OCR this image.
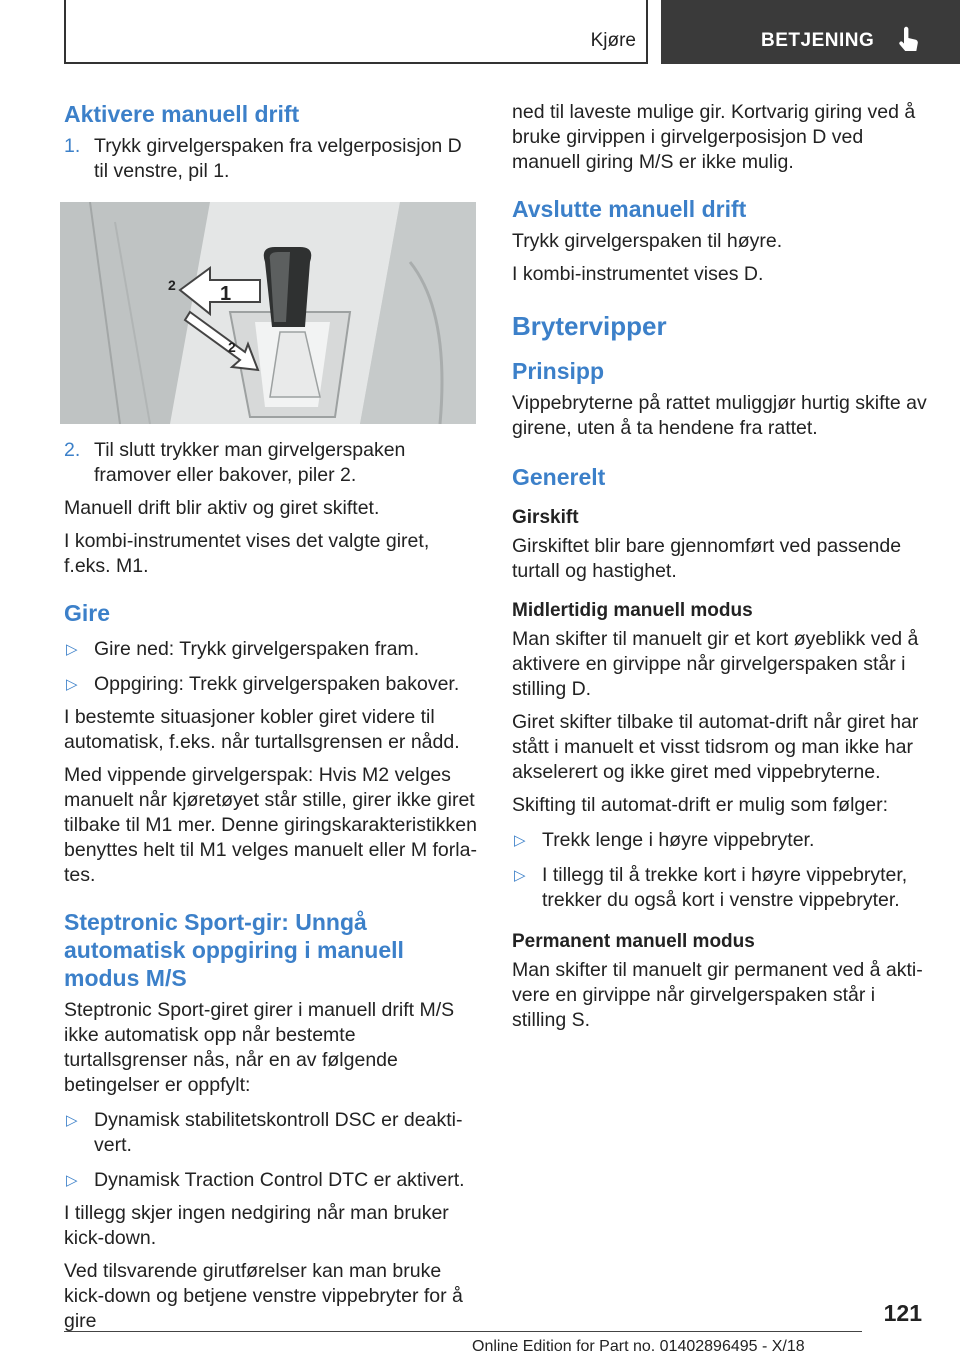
Kjøre	BETJENING
Aktivere manuell drift
1. Trykk girvelgerspaken fra velgerposisjon D til venstre, pil 1.
1
2
2
2. Til slutt trykker man girvelgerspaken framover eller bakover, piler 2.

Manuell drift blir aktiv og giret skiftet.

I kombi-instrumentet vises det valgte giret, f.eks. M1.

Gire
▷ Gire ned: Trykk girvelgerspaken fram.
▷ Oppgiring: Trekk girvelgerspaken bakover.

I bestemte situasjoner kobler giret videre til automatisk, f.eks. når turtallsgrensen er nådd.

Med vippende girvelgerspak: Hvis M2 velges manuelt når kjøretøyet står stille, girer ikke giret tilbake til M1 mer. Denne giringskarakteristikken benyttes helt til M1 velges manuelt eller M forlates.

Steptronic Sport-gir: Unngå automatisk oppgiring i manuell modus M/S

Steptronic Sport-giret girer i manuell drift M/S ikke automatisk opp når bestemte turtallsgrenser nås, når en av følgende betingelser er oppfylt:

▷ Dynamisk stabilitetskontroll DSC er deaktivert.
▷ Dynamisk Traction Control DTC er aktivert.

I tillegg skjer ingen nedgiring når man bruker kick-down.

Ved tilsvarende girutførelser kan man bruke kick-down og betjene venstre vippebryter for å gire

ned til laveste mulige gir. Kortvarig giring ved å bruke girvippen i girvelgerposisjon D ved manuell giring M/S er ikke mulig.

Avslutte manuell drift

Trykk girvelgerspaken til høyre.

I kombi-instrumentet vises D.

Brytervipper
Prinsipp

Vippebryterne på rattet muliggjør hurtig skifte av girene, uten å ta hendene fra rattet.

Generelt
Girskift

Girskiftet blir bare gjennomført ved passende turtall og hastighet.

Midlertidig manuell modus

Man skifter til manuelt gir et kort øyeblikk ved å aktivere en girvippe når girvelgerspaken står i stilling D.

Giret skifter tilbake til automat-drift når giret har stått i manuelt et visst tidsrom og man ikke har akselerert og ikke giret med vippebryterne.

Skifting til automat-drift er mulig som følger:

▷ Trekk lenge i høyre vippebryter.
▷ I tillegg til å trekke kort i høyre vippebryter, trekker du også kort i venstre vippebryter.
Permanent manuell modus

Man skifter til manuelt gir permanent ved å aktivere en girvippe når girvelgerspaken står i stilling S.

121
Online Edition for Part no. 01402896495 - X/18
